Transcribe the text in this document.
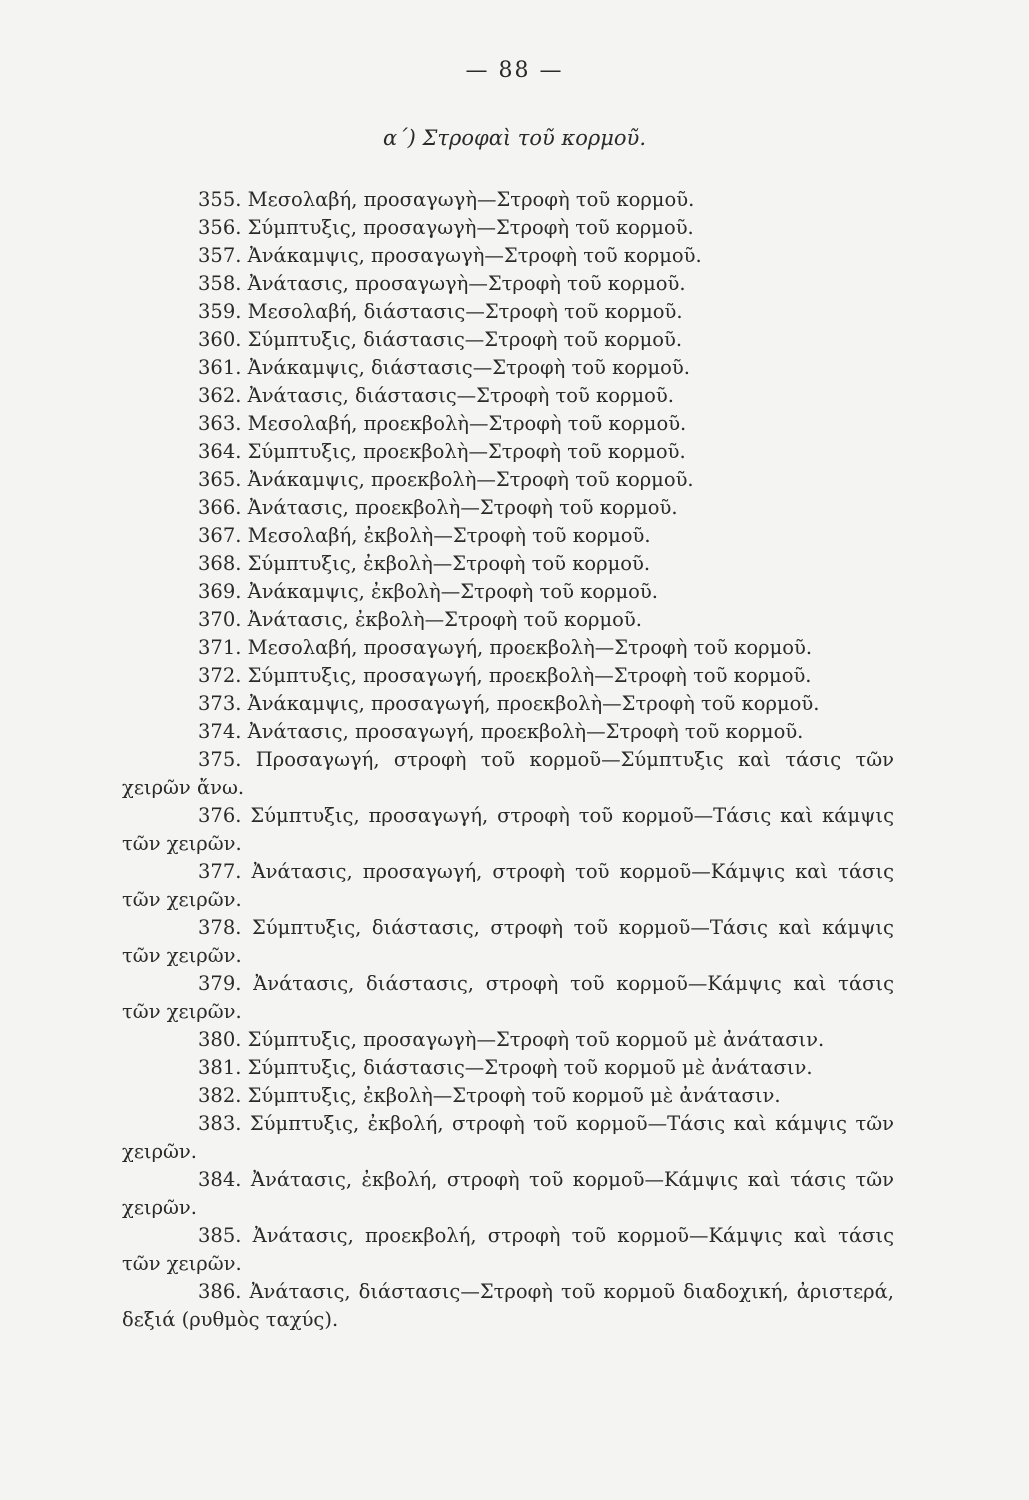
— 88 —
α΄) Στροφαὶ τοῦ κορμοῦ.
355. Μεσολαβή, προσαγωγὴ—Στροφὴ τοῦ κορμοῦ.
356. Σύμπτυξις, προσαγωγὴ—Στροφὴ τοῦ κορμοῦ.
357. Ἀνάκαμψις, προσαγωγὴ—Στροφὴ τοῦ κορμοῦ.
358. Ἀνάτασις, προσαγωγὴ—Στροφὴ τοῦ κορμοῦ.
359. Μεσολαβή, διάστασις—Στροφὴ τοῦ κορμοῦ.
360. Σύμπτυξις, διάστασις—Στροφὴ τοῦ κορμοῦ.
361. Ἀνάκαμψις, διάστασις—Στροφὴ τοῦ κορμοῦ.
362. Ἀνάτασις, διάστασις—Στροφὴ τοῦ κορμοῦ.
363. Μεσολαβή, προεκβολὴ—Στροφὴ τοῦ κορμοῦ.
364. Σύμπτυξις, προεκβολὴ—Στροφὴ τοῦ κορμοῦ.
365. Ἀνάκαμψις, προεκβολὴ—Στροφὴ τοῦ κορμοῦ.
366. Ἀνάτασις, προεκβολὴ—Στροφὴ τοῦ κορμοῦ.
367. Μεσολαβή, ἐκβολὴ—Στροφὴ τοῦ κορμοῦ.
368. Σύμπτυξις, ἐκβολὴ—Στροφὴ τοῦ κορμοῦ.
369. Ἀνάκαμψις, ἐκβολὴ—Στροφὴ τοῦ κορμοῦ.
370. Ἀνάτασις, ἐκβολὴ—Στροφὴ τοῦ κορμοῦ.
371. Μεσολαβή, προσαγωγή, προεκβολὴ—Στροφὴ τοῦ κορμοῦ.
372. Σύμπτυξις, προσαγωγή, προεκβολὴ—Στροφὴ τοῦ κορμοῦ.
373. Ἀνάκαμψις, προσαγωγή, προεκβολὴ—Στροφὴ τοῦ κορμοῦ.
374. Ἀνάτασις, προσαγωγή, προεκβολὴ—Στροφὴ τοῦ κορμοῦ.
375. Προσαγωγή, στροφὴ τοῦ κορμοῦ—Σύμπτυξις καὶ τάσις τῶν χειρῶν ἄνω.
376. Σύμπτυξις, προσαγωγή, στροφὴ τοῦ κορμοῦ—Τάσις καὶ κάμψις τῶν χειρῶν.
377. Ἀνάτασις, προσαγωγή, στροφὴ τοῦ κορμοῦ—Κάμψις καὶ τάσις τῶν χειρῶν.
378. Σύμπτυξις, διάστασις, στροφὴ τοῦ κορμοῦ—Τάσις καὶ κάμψις τῶν χειρῶν.
379. Ἀνάτασις, διάστασις, στροφὴ τοῦ κορμοῦ—Κάμψις καὶ τάσις τῶν χειρῶν.
380. Σύμπτυξις, προσαγωγὴ—Στροφὴ τοῦ κορμοῦ μὲ ἀνάτασιν.
381. Σύμπτυξις, διάστασις—Στροφὴ τοῦ κορμοῦ μὲ ἀνάτασιν.
382. Σύμπτυξις, ἐκβολὴ—Στροφὴ τοῦ κορμοῦ μὲ ἀνάτασιν.
383. Σύμπτυξις, ἐκβολή, στροφὴ τοῦ κορμοῦ—Τάσις καὶ κάμψις τῶν χειρῶν.
384. Ἀνάτασις, ἐκβολή, στροφὴ τοῦ κορμοῦ—Κάμψις καὶ τάσις τῶν χειρῶν.
385. Ἀνάτασις, προεκβολή, στροφὴ τοῦ κορμοῦ—Κάμψις καὶ τάσις τῶν χειρῶν.
386. Ἀνάτασις, διάστασις—Στροφὴ τοῦ κορμοῦ διαδοχική, ἀριστερά, δεξιά (ρυθμὸς ταχύς).
